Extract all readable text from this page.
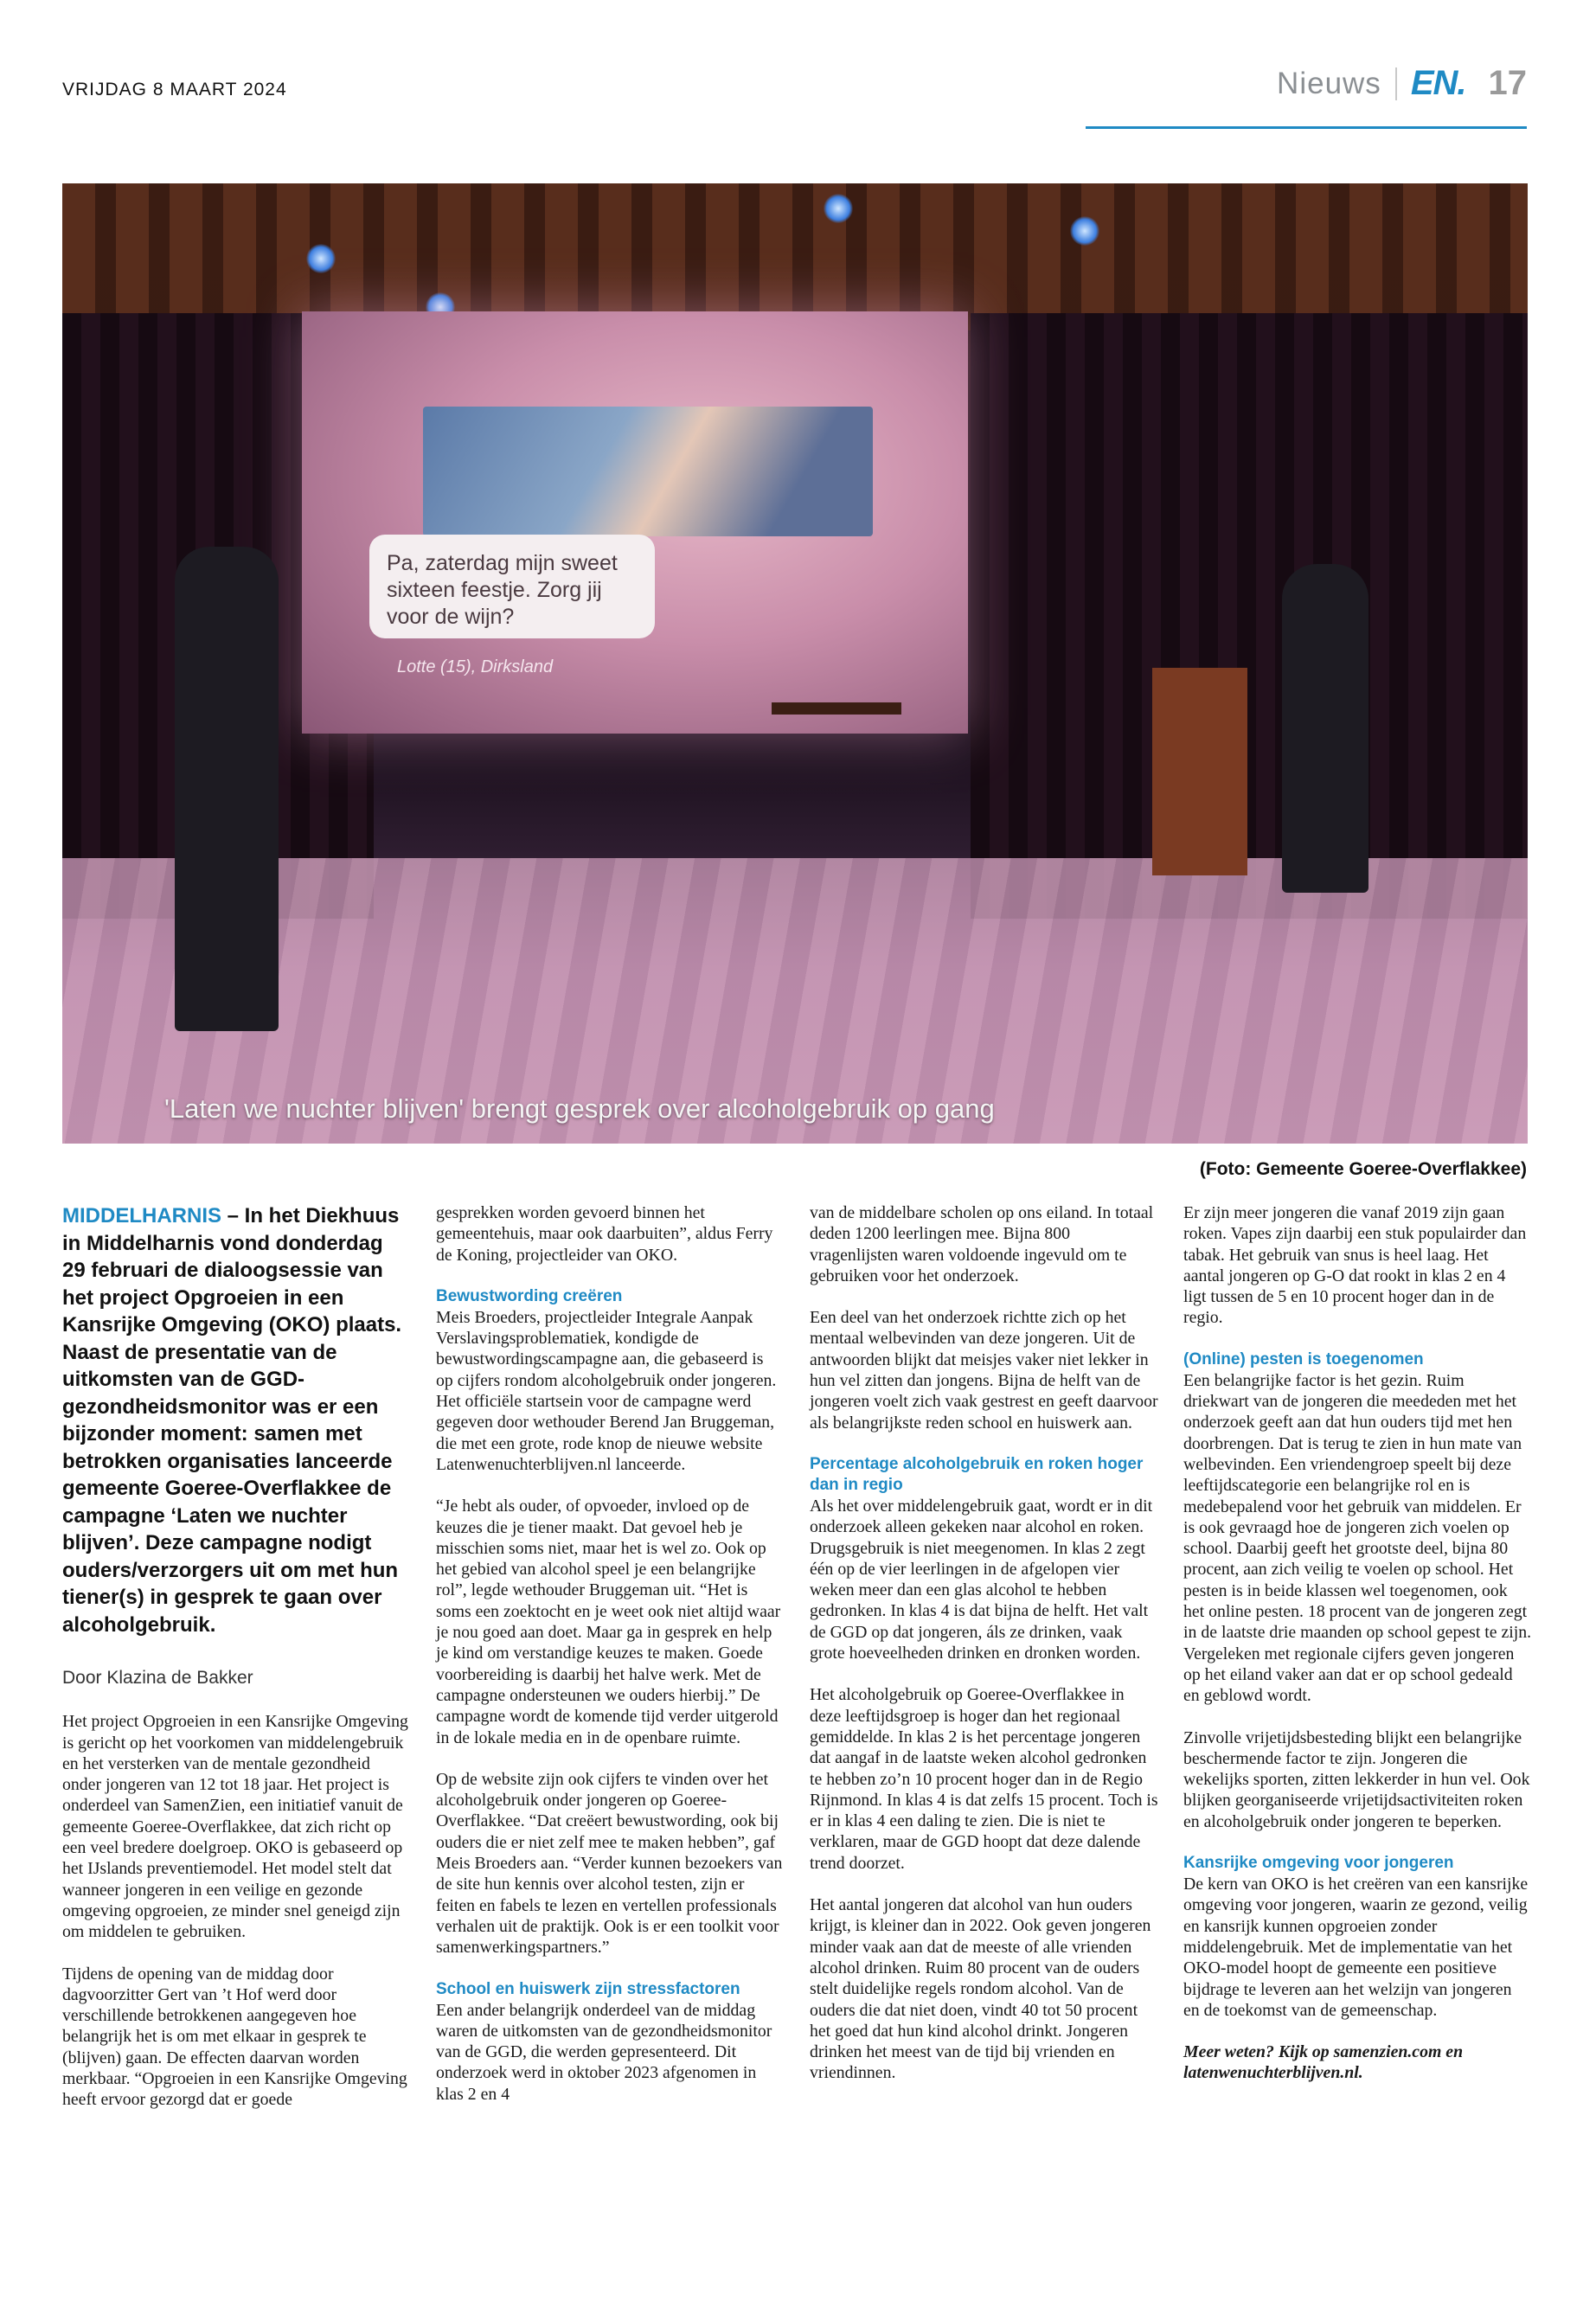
VRIJDAG 8 MAART 2024	Nieuws EN. 17
Pa, zaterdag mijn sweet sixteen feestje. Zorg jij voor de wijn?
Lotte (15), Dirksland
'Laten we nuchter blijven' brengt gesprek over alcoholgebruik op gang
(Foto: Gemeente Goeree-Overflakkee)

MIDDELHARNIS – In het Diekhuus in Middelharnis vond donderdag 29 februari de dialoogsessie van het project Opgroeien in een Kansrijke Omgeving (OKO) plaats. Naast de presentatie van de uitkomsten van de GGD-gezondheidsmonitor was er een bijzonder moment: samen met betrokken organisaties lanceerde gemeente Goeree-Overflakkee de campagne ‘Laten we nuchter blijven’. Deze campagne nodigt ouders/verzorgers uit om met hun tiener(s) in gesprek te gaan over alcoholgebruik.

Door Klazina de Bakker

Het project Opgroeien in een Kansrijke Omgeving is gericht op het voorkomen van middelengebruik en het versterken van de mentale gezondheid onder jongeren van 12 tot 18 jaar. Het project is onderdeel van SamenZien, een initiatief vanuit de gemeente Goeree-Overflakkee, dat zich richt op een veel bredere doelgroep. OKO is gebaseerd op het IJslands preventiemodel. Het model stelt dat wanneer jongeren in een veilige en gezonde omgeving opgroeien, ze minder snel geneigd zijn om middelen te gebruiken.

Tijdens de opening van de middag door dagvoorzitter Gert van ’t Hof werd door verschillende betrokkenen aangegeven hoe belangrijk het is om met elkaar in gesprek te (blijven) gaan. De effecten daarvan worden merkbaar. “Opgroeien in een Kansrijke Omgeving heeft ervoor gezorgd dat er goede

gesprekken worden gevoerd binnen het gemeentehuis, maar ook daarbuiten”, aldus Ferry de Koning, projectleider van OKO.

Bewustwording creëren

Meis Broeders, projectleider Integrale Aanpak Verslavingsproblematiek, kondigde de bewustwordingscampagne aan, die gebaseerd is op cijfers rondom alcoholgebruik onder jongeren. Het officiële startsein voor de campagne werd gegeven door wethouder Berend Jan Bruggeman, die met een grote, rode knop de nieuwe website Latenwenuchterblijven.nl lanceerde.

“Je hebt als ouder, of opvoeder, invloed op de keuzes die je tiener maakt. Dat gevoel heb je misschien soms niet, maar het is wel zo. Ook op het gebied van alcohol speel je een belangrijke rol”, legde wethouder Bruggeman uit. “Het is soms een zoektocht en je weet ook niet altijd waar je nou goed aan doet. Maar ga in gesprek en help je kind om verstandige keuzes te maken. Goede voorbereiding is daarbij het halve werk. Met de campagne ondersteunen we ouders hierbij.” De campagne wordt de komende tijd verder uitgerold in de lokale media en in de openbare ruimte.

Op de website zijn ook cijfers te vinden over het alcoholgebruik onder jongeren op Goeree-Overflakkee. “Dat creëert bewustwording, ook bij ouders die er niet zelf mee te maken hebben”, gaf Meis Broeders aan. “Verder kunnen bezoekers van de site hun kennis over alcohol testen, zijn er feiten en fabels te lezen en vertellen professionals verhalen uit de praktijk. Ook is er een toolkit voor samenwerkingspartners.”

School en huiswerk zijn stressfactoren

Een ander belangrijk onderdeel van de middag waren de uitkomsten van de gezondheidsmonitor van de GGD, die werden gepresenteerd. Dit onderzoek werd in oktober 2023 afgenomen in klas 2 en 4

van de middelbare scholen op ons eiland. In totaal deden 1200 leerlingen mee. Bijna 800 vragenlijsten waren voldoende ingevuld om te gebruiken voor het onderzoek.

Een deel van het onderzoek richtte zich op het mentaal welbevinden van deze jongeren. Uit de antwoorden blijkt dat meisjes vaker niet lekker in hun vel zitten dan jongens. Bijna de helft van de jongeren voelt zich vaak gestrest en geeft daarvoor als belangrijkste reden school en huiswerk aan.

Percentage alcoholgebruik en roken hoger dan in regio

Als het over middelengebruik gaat, wordt er in dit onderzoek alleen gekeken naar alcohol en roken. Drugsgebruik is niet meegenomen. In klas 2 zegt één op de vier leerlingen in de afgelopen vier weken meer dan een glas alcohol te hebben gedronken. In klas 4 is dat bijna de helft. Het valt de GGD op dat jongeren, áls ze drinken, vaak grote hoeveelheden drinken en dronken worden.

Het alcoholgebruik op Goeree-Overflakkee in deze leeftijdsgroep is hoger dan het regionaal gemiddelde. In klas 2 is het percentage jongeren dat aangaf in de laatste weken alcohol gedronken te hebben zo’n 10 procent hoger dan in de Regio Rijnmond. In klas 4 is dat zelfs 15 procent. Toch is er in klas 4 een daling te zien. Die is niet te verklaren, maar de GGD hoopt dat deze dalende trend doorzet.

Het aantal jongeren dat alcohol van hun ouders krijgt, is kleiner dan in 2022. Ook geven jongeren minder vaak aan dat de meeste of alle vrienden alcohol drinken. Ruim 80 procent van de ouders stelt duidelijke regels rondom alcohol. Van de ouders die dat niet doen, vindt 40 tot 50 procent het goed dat hun kind alcohol drinkt. Jongeren drinken het meest van de tijd bij vrienden en vriendinnen.

Er zijn meer jongeren die vanaf 2019 zijn gaan roken. Vapes zijn daarbij een stuk populairder dan tabak. Het gebruik van snus is heel laag. Het aantal jongeren op G-O dat rookt in klas 2 en 4 ligt tussen de 5 en 10 procent hoger dan in de regio.

(Online) pesten is toegenomen

Een belangrijke factor is het gezin. Ruim driekwart van de jongeren die meededen met het onderzoek geeft aan dat hun ouders tijd met hen doorbrengen. Dat is terug te zien in hun mate van welbevinden. Een vriendengroep speelt bij deze leeftijdscategorie een belangrijke rol en is medebepalend voor het gebruik van middelen. Er is ook gevraagd hoe de jongeren zich voelen op school. Daarbij geeft het grootste deel, bijna 80 procent, aan zich veilig te voelen op school. Het pesten is in beide klassen wel toegenomen, ook het online pesten. 18 procent van de jongeren zegt in de laatste drie maanden op school gepest te zijn. Vergeleken met regionale cijfers geven jongeren op het eiland vaker aan dat er op school gedeald en geblowd wordt.

Zinvolle vrijetijdsbesteding blijkt een belangrijke beschermende factor te zijn. Jongeren die wekelijks sporten, zitten lekkerder in hun vel. Ook blijken georganiseerde vrijetijdsactiviteiten roken en alcoholgebruik onder jongeren te beperken.

Kansrijke omgeving voor jongeren

De kern van OKO is het creëren van een kansrijke omgeving voor jongeren, waarin ze gezond, veilig en kansrijk kunnen opgroeien zonder middelengebruik. Met de implementatie van het OKO-model hoopt de gemeente een positieve bijdrage te leveren aan het welzijn van jongeren en de toekomst van de gemeenschap.

Meer weten? Kijk op samenzien.com en latenwenuchterblijven.nl.
